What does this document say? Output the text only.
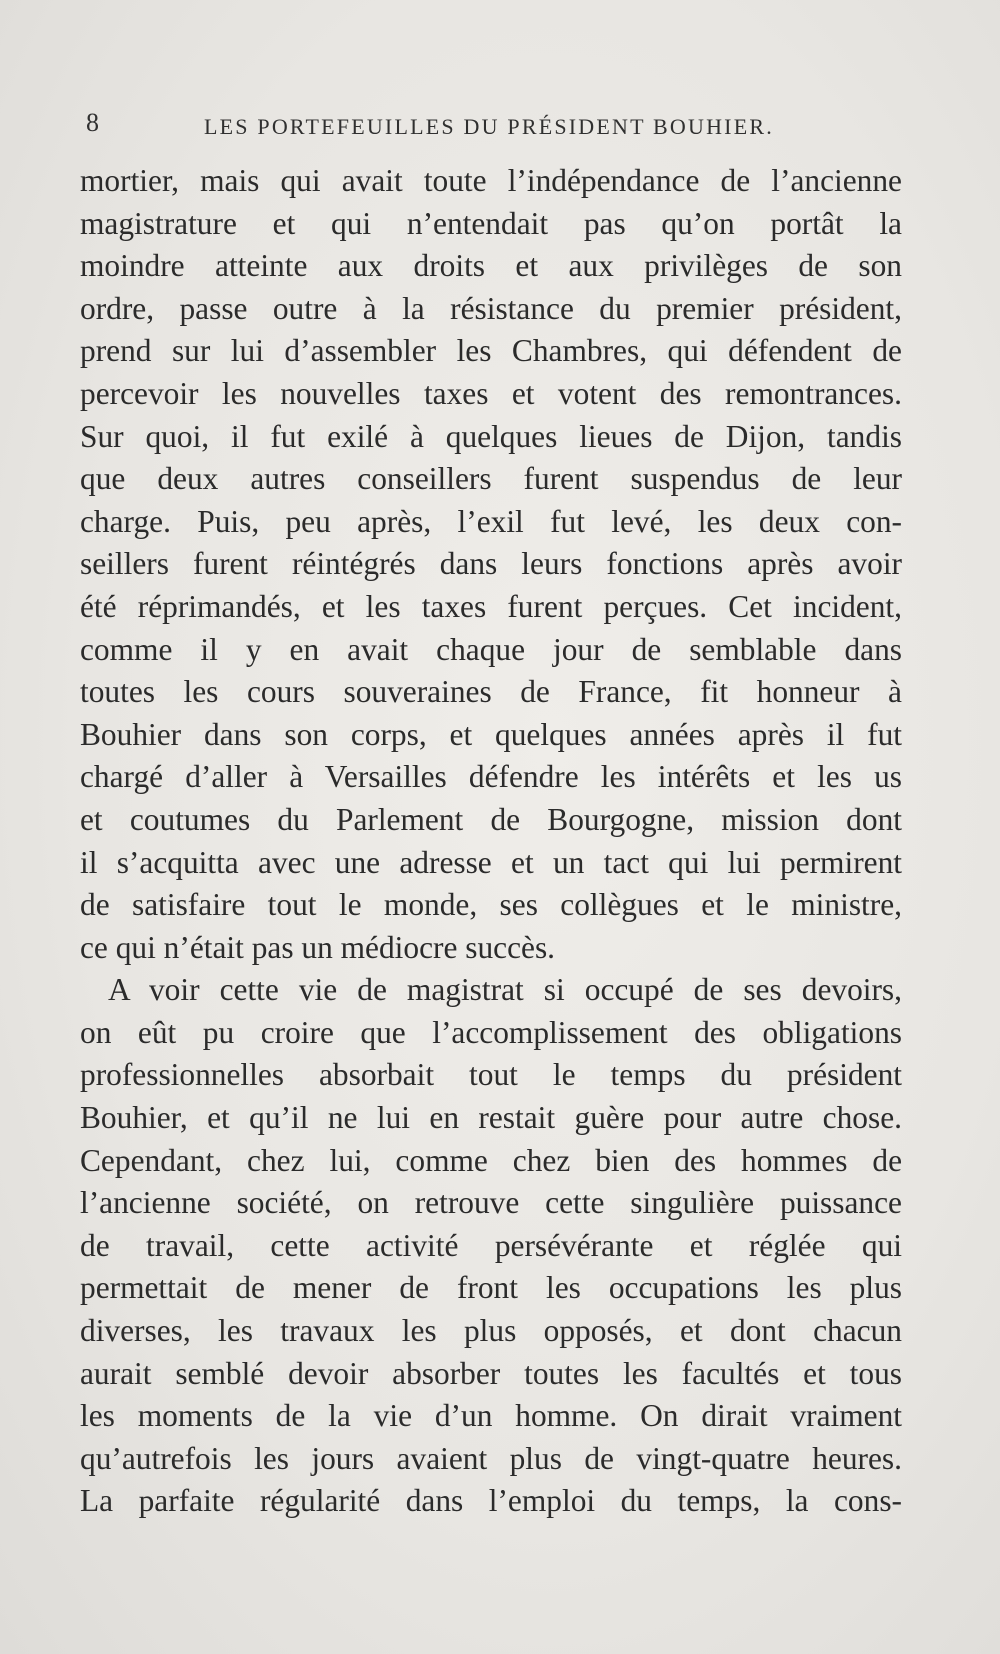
8	LES PORTEFEUILLES DU PRÉSIDENT BOUHIER.
mortier, mais qui avait toute l’indépendance de l’ancienne
magistrature et qui n’entendait pas qu’on portât la
moindre atteinte aux droits et aux privilèges de son
ordre, passe outre à la résistance du premier président,
prend sur lui d’assembler les Chambres, qui défendent de
percevoir les nouvelles taxes et votent des remontrances.
Sur quoi, il fut exilé à quelques lieues de Dijon, tandis
que deux autres conseillers furent suspendus de leur
charge. Puis, peu après, l’exil fut levé, les deux con-
seillers furent réintégrés dans leurs fonctions après avoir
été réprimandés, et les taxes furent perçues. Cet incident,
comme il y en avait chaque jour de semblable dans
toutes les cours souveraines de France, fit honneur à
Bouhier dans son corps, et quelques années après il fut
chargé d’aller à Versailles défendre les intérêts et les us
et coutumes du Parlement de Bourgogne, mission dont
il s’acquitta avec une adresse et un tact qui lui permirent
de satisfaire tout le monde, ses collègues et le ministre,
ce qui n’était pas un médiocre succès.
A voir cette vie de magistrat si occupé de ses devoirs,
on eût pu croire que l’accomplissement des obligations
professionnelles absorbait tout le temps du président
Bouhier, et qu’il ne lui en restait guère pour autre chose.
Cependant, chez lui, comme chez bien des hommes de
l’ancienne société, on retrouve cette singulière puissance
de travail, cette activité persévérante et réglée qui
permettait de mener de front les occupations les plus
diverses, les travaux les plus opposés, et dont chacun
aurait semblé devoir absorber toutes les facultés et tous
les moments de la vie d’un homme. On dirait vraiment
qu’autrefois les jours avaient plus de vingt-quatre heures.
La parfaite régularité dans l’emploi du temps, la cons-
